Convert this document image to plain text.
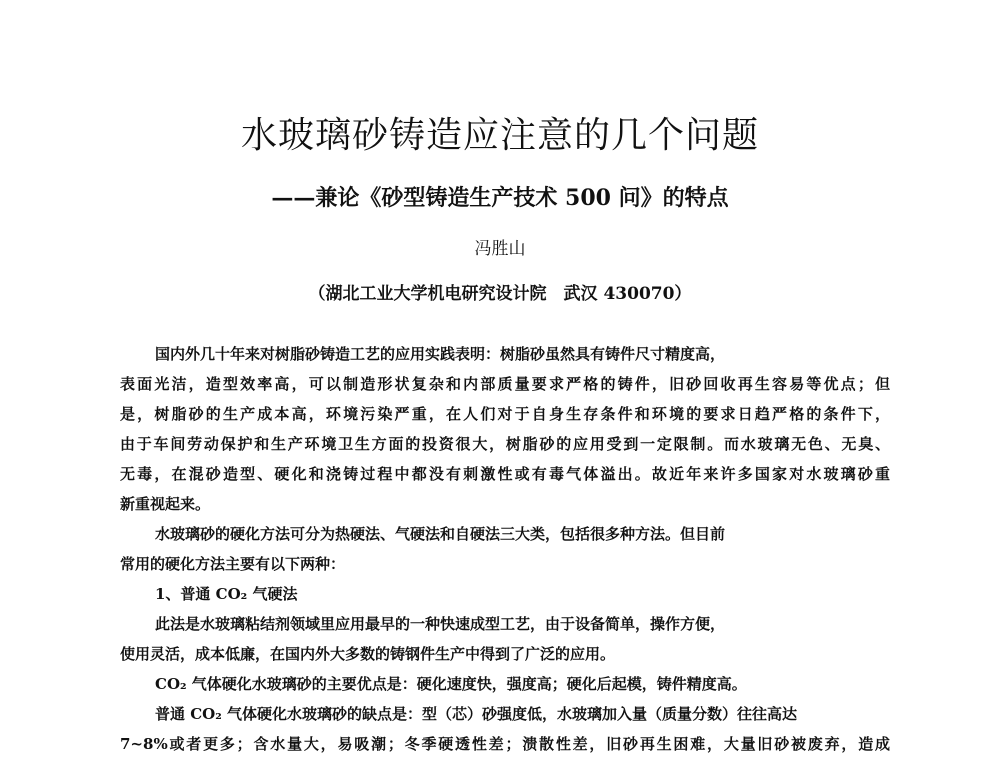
水玻璃砂铸造应注意的几个问题
——兼论《砂型铸造生产技术 500 问》的特点
冯胜山
（湖北工业大学机电研究设计院　武汉 430070）
国内外几十年来对树脂砂铸造工艺的应用实践表明：树脂砂虽然具有铸件尺寸精度高，
表面光洁，造型效率高，可以制造形状复杂和内部质量要求严格的铸件，旧砂回收再生容易等优点；但
是，树脂砂的生产成本高，环境污染严重，在人们对于自身生存条件和环境的要求日趋严格的条件下，
由于车间劳动保护和生产环境卫生方面的投资很大，树脂砂的应用受到一定限制。而水玻璃无色、无臭、
无毒，在混砂造型、硬化和浇铸过程中都没有刺激性或有毒气体溢出。故近年来许多国家对水玻璃砂重
新重视起来。
水玻璃砂的硬化方法可分为热硬法、气硬法和自硬法三大类，包括很多种方法。但目前
常用的硬化方法主要有以下两种：
1、普通 CO₂ 气硬法
此法是水玻璃粘结剂领域里应用最早的一种快速成型工艺，由于设备简单，操作方便，
使用灵活，成本低廉，在国内外大多数的铸钢件生产中得到了广泛的应用。
CO₂ 气体硬化水玻璃砂的主要优点是：硬化速度快，强度高；硬化后起模，铸件精度高。
普通 CO₂ 气体硬化水玻璃砂的缺点是：型（芯）砂强度低，水玻璃加入量（质量分数）往往高达
7~8%或者更多；含水量大，易吸潮；冬季硬透性差；溃散性差，旧砂再生困难，大量旧砂被废弃，造成
